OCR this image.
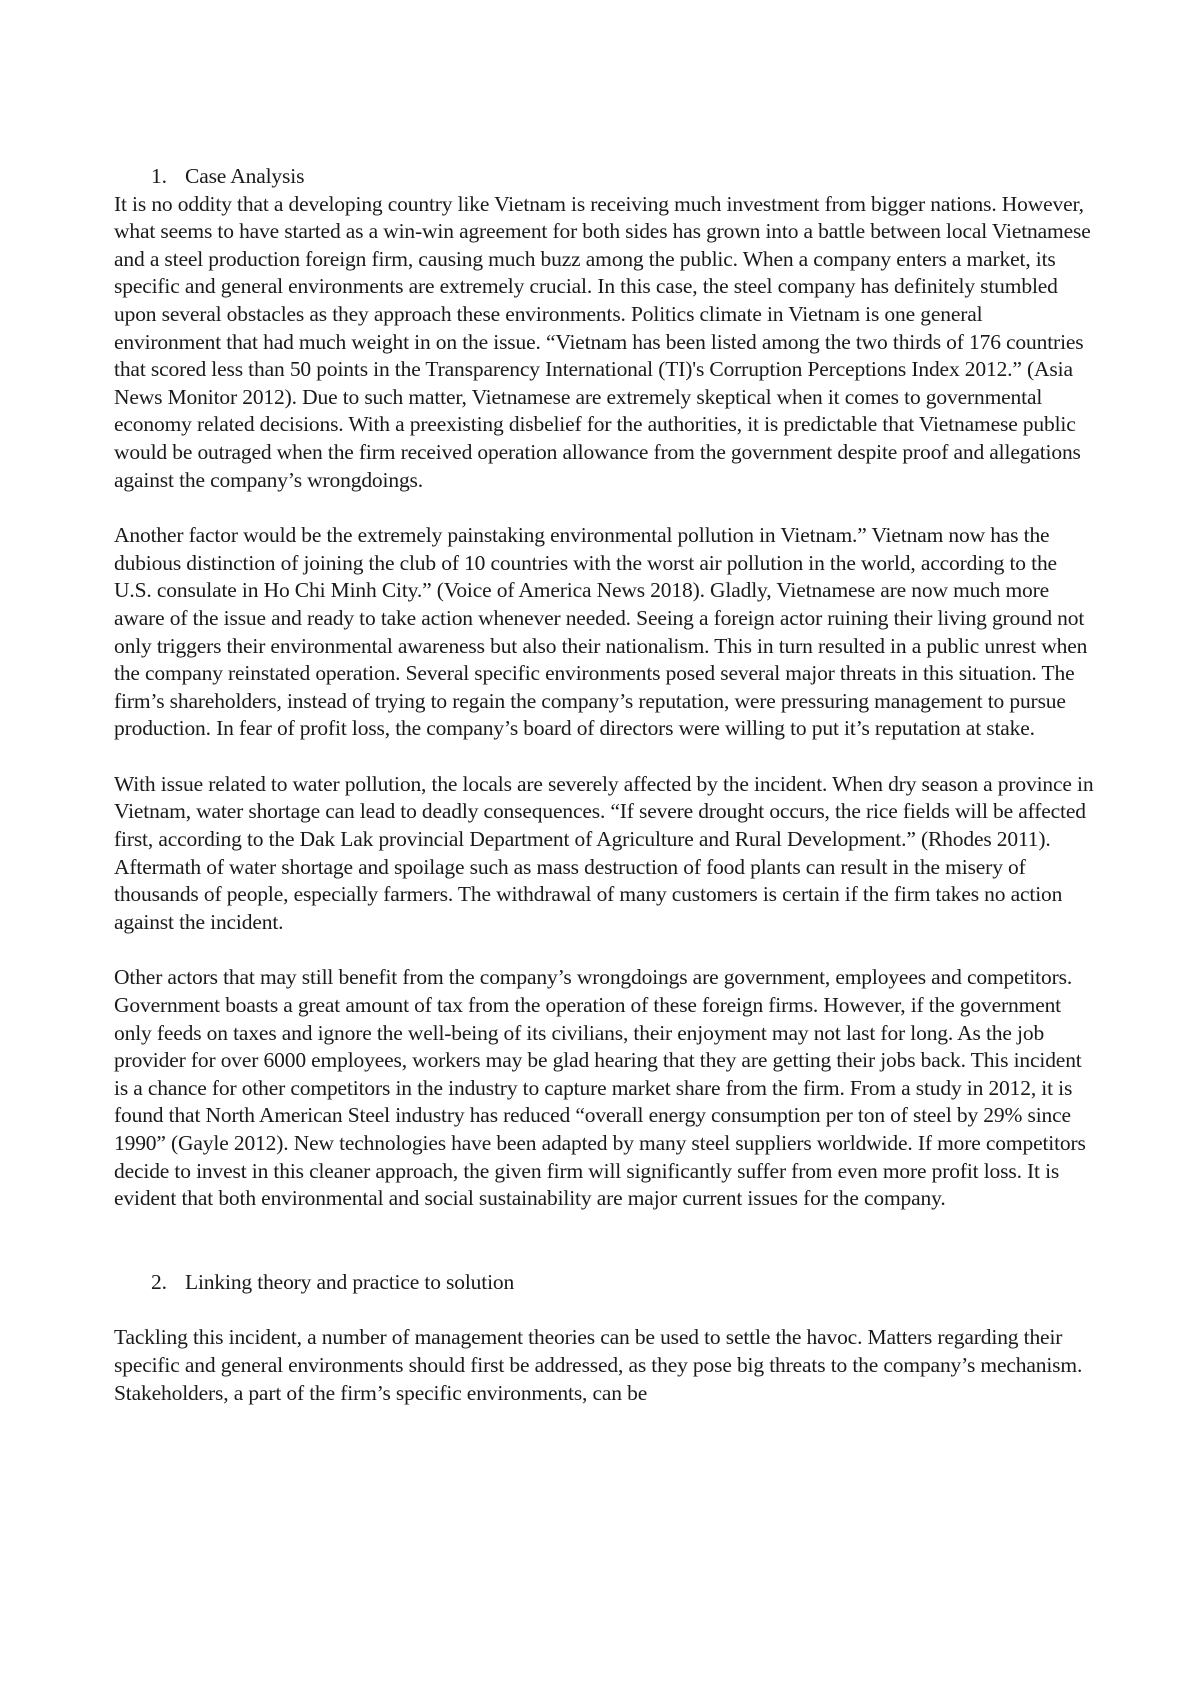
1. Case Analysis

It is no oddity that a developing country like Vietnam is receiving much investment from bigger nations. However, what seems to have started as a win-win agreement for both sides has grown into a battle between local Vietnamese and a steel production foreign firm, causing much buzz among the public. When a company enters a market, its specific and general environments are extremely crucial. In this case, the steel company has definitely stumbled upon several obstacles as they approach these environments. Politics climate in Vietnam is one general environment that had much weight in on the issue. “Vietnam has been listed among the two thirds of 176 countries that scored less than 50 points in the Transparency International (TI)'s Corruption Perceptions Index 2012.” (Asia News Monitor 2012). Due to such matter, Vietnamese are extremely skeptical when it comes to governmental economy related decisions. With a preexisting disbelief for the authorities, it is predictable that Vietnamese public would be outraged when the firm received operation allowance from the government despite proof and allegations against the company’s wrongdoings.

Another factor would be the extremely painstaking environmental pollution in Vietnam.” Vietnam now has the dubious distinction of joining the club of 10 countries with the worst air pollution in the world, according to the U.S. consulate in Ho Chi Minh City.” (Voice of America News 2018). Gladly, Vietnamese are now much more aware of the issue and ready to take action whenever needed. Seeing a foreign actor ruining their living ground not only triggers their environmental awareness but also their nationalism. This in turn resulted in a public unrest when the company reinstated operation. Several specific environments posed several major threats in this situation. The firm’s shareholders, instead of trying to regain the company’s reputation, were pressuring management to pursue production. In fear of profit loss, the company’s board of directors were willing to put it’s reputation at stake.

With issue related to water pollution, the locals are severely affected by the incident. When dry season a province in Vietnam, water shortage can lead to deadly consequences. “If severe drought occurs, the rice fields will be affected first, according to the Dak Lak provincial Department of Agriculture and Rural Development.” (Rhodes 2011). Aftermath of water shortage and spoilage such as mass destruction of food plants can result in the misery of thousands of people, especially farmers. The withdrawal of many customers is certain if the firm takes no action against the incident.

Other actors that may still benefit from the company’s wrongdoings are government, employees and competitors. Government boasts a great amount of tax from the operation of these foreign firms. However, if the government only feeds on taxes and ignore the well-being of its civilians, their enjoyment may not last for long. As the job provider for over 6000 employees, workers may be glad hearing that they are getting their jobs back. This incident is a chance for other competitors in the industry to capture market share from the firm. From a study in 2012, it is found that North American Steel industry has reduced “overall energy consumption per ton of steel by 29% since 1990” (Gayle 2012). New technologies have been adapted by many steel suppliers worldwide. If more competitors decide to invest in this cleaner approach, the given firm will significantly suffer from even more profit loss. It is evident that both environmental and social sustainability are major current issues for the company.

2. Linking theory and practice to solution

Tackling this incident, a number of management theories can be used to settle the havoc. Matters regarding their specific and general environments should first be addressed, as they pose big threats to the company’s mechanism. Stakeholders, a part of the firm’s specific environments, can be
